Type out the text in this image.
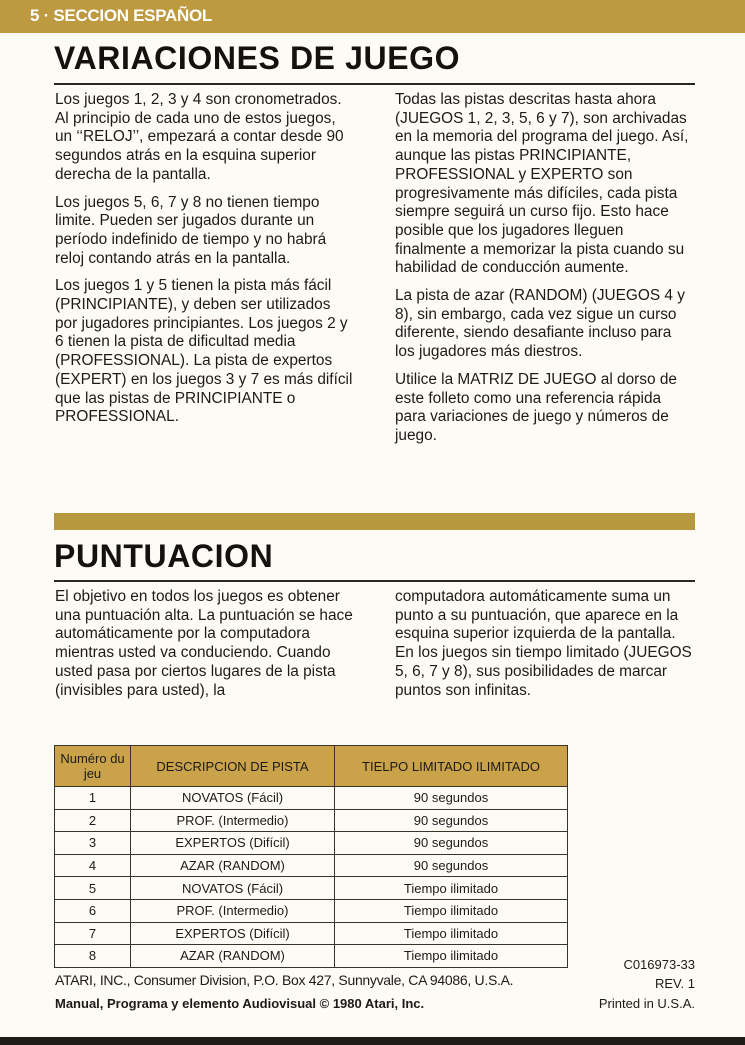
5 · SECCION ESPAÑOL
VARIACIONES DE JUEGO

Los juegos 1, 2, 3 y 4 son cronometrados. Al principio de cada uno de estos juegos, un ‘‘RELOJ’’, empezará a contar desde 90 segundos atrás en la esquina superior derecha de la pantalla.

Los juegos 5, 6, 7 y 8 no tienen tiempo limite. Pueden ser jugados durante un período indefinido de tiempo y no habrá reloj contando atrás en la pantalla.

Los juegos 1 y 5 tienen la pista más fácil (PRINCIPIANTE), y deben ser utilizados por jugadores principiantes. Los juegos 2 y 6 tienen la pista de dificultad media (PROFESSIONAL). La pista de expertos (EXPERT) en los juegos 3 y 7 es más difícil que las pistas de PRINCIPIANTE o PROFESSIONAL.

Todas las pistas descritas hasta ahora (JUEGOS 1, 2, 3, 5, 6 y 7), son archivadas en la memoria del programa del juego. Así, aunque las pistas PRINCIPIANTE, PROFESSIONAL y EXPERTO son progresivamente más difíciles, cada pista siempre seguirá un curso fijo. Esto hace posible que los jugadores lleguen finalmente a memorizar la pista cuando su habilidad de conducción aumente.

La pista de azar (RANDOM) (JUEGOS 4 y 8), sin embargo, cada vez sigue un curso diferente, siendo desafiante incluso para los jugadores más diestros.

Utilice la MATRIZ DE JUEGO al dorso de este folleto como una referencia rápida para variaciones de juego y números de juego.

PUNTUACION

El objetivo en todos los juegos es obtener una puntuación alta. La puntuación se hace automáticamente por la computadora mientras usted va conduciendo. Cuando usted pasa por ciertos lugares de la pista (invisibles para usted), la

computadora automáticamente suma un punto a su puntuación, que aparece en la esquina superior izquierda de la pantalla. En los juegos sin tiempo limitado (JUEGOS 5, 6, 7 y 8), sus posibilidades de marcar puntos son infinitas.

Numéro du jeu	DESCRIPCION DE PISTA	TIELPO LIMITADO ILIMITADO
1	NOVATOS (Fácil)	90 segundos
2	PROF. (Intermedio)	90 segundos
3	EXPERTOS (Difícil)	90 segundos
4	AZAR (RANDOM)	90 segundos
5	NOVATOS (Fácil)	Tiempo ilimitado
6	PROF. (Intermedio)	Tiempo ilimitado
7	EXPERTOS (Difícil)	Tiempo ilimitado
8	AZAR (RANDOM)	Tiempo ilimitado
C016973-33
REV. 1
ATARI, INC., Consumer Division, P.O. Box 427, Sunnyvale, CA 94086, U.S.A.
Manual, Programa y elemento Audiovisual © 1980 Atari, Inc.	Printed in U.S.A.
